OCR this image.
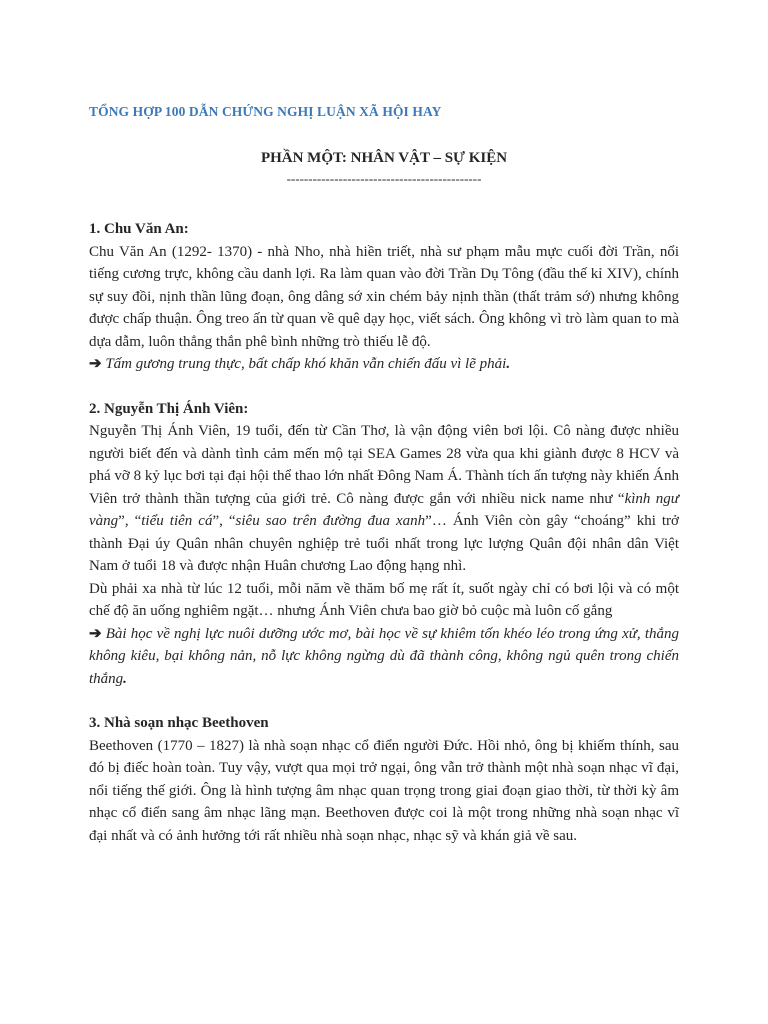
TỔNG HỢP 100 DẪN CHỨNG NGHỊ LUẬN XÃ HỘI HAY
PHẦN MỘT: NHÂN VẬT – SỰ KIỆN
---------------------------------------------
1. Chu Văn An:

Chu Văn An (1292- 1370) - nhà Nho, nhà hiền triết, nhà sư phạm mẫu mực cuối đời Trần, nổi tiếng cương trực, không cầu danh lợi. Ra làm quan vào đời Trần Dụ Tông (đầu thế kỉ XIV), chính sự suy đồi, nịnh thần lũng đoạn, ông dâng sớ xin chém bảy nịnh thần (thất trảm sớ) nhưng không được chấp thuận. Ông treo ấn từ quan về quê dạy học, viết sách. Ông không vì trò làm quan to mà dựa dẫm, luôn thẳng thắn phê bình những trò thiếu lễ độ.

➔ Tấm gương trung thực, bất chấp khó khăn vẫn chiến đấu vì lẽ phải.
2. Nguyễn Thị Ánh Viên:

Nguyễn Thị Ánh Viên, 19 tuổi, đến từ Cần Thơ, là vận động viên bơi lội. Cô nàng được nhiều người biết đến và dành tình cảm mến mộ tại SEA Games 28 vừa qua khi giành được 8 HCV và phá vỡ 8 kỷ lục bơi tại đại hội thể thao lớn nhất Đông Nam Á. Thành tích ấn tượng này khiến Ánh Viên trở thành thần tượng của giới trẻ. Cô nàng được gắn với nhiều nick name như “kình ngư vàng”, “tiểu tiên cá”, “siêu sao trên đường đua xanh”… Ánh Viên còn gây “choáng” khi trở thành Đại úy Quân nhân chuyên nghiệp trẻ tuổi nhất trong lực lượng Quân đội nhân dân Việt Nam ở tuổi 18 và được nhận Huân chương Lao động hạng nhì.

Dù phải xa nhà từ lúc 12 tuổi, mỗi năm về thăm bố mẹ rất ít, suốt ngày chỉ có bơi lội và có một chế độ ăn uống nghiêm ngặt… nhưng Ánh Viên chưa bao giờ bỏ cuộc mà luôn cố gắng

➔ Bài học về nghị lực nuôi dưỡng ước mơ, bài học về sự khiêm tốn khéo léo trong ứng xử, thắng không kiêu, bại không nản, nỗ lực không ngừng dù đã thành công, không ngủ quên trong chiến thắng.
3. Nhà soạn nhạc Beethoven

Beethoven (1770 – 1827) là nhà soạn nhạc cổ điển người Đức. Hồi nhỏ, ông bị khiếm thính, sau đó bị điếc hoàn toàn. Tuy vậy, vượt qua mọi trở ngại, ông vẫn trở thành một nhà soạn nhạc vĩ đại, nổi tiếng thế giới. Ông là hình tượng âm nhạc quan trọng trong giai đoạn giao thời, từ thời kỳ âm nhạc cổ điển sang âm nhạc lãng mạn. Beethoven được coi là một trong những nhà soạn nhạc vĩ đại nhất và có ảnh hưởng tới rất nhiều nhà soạn nhạc, nhạc sỹ và khán giả về sau.
